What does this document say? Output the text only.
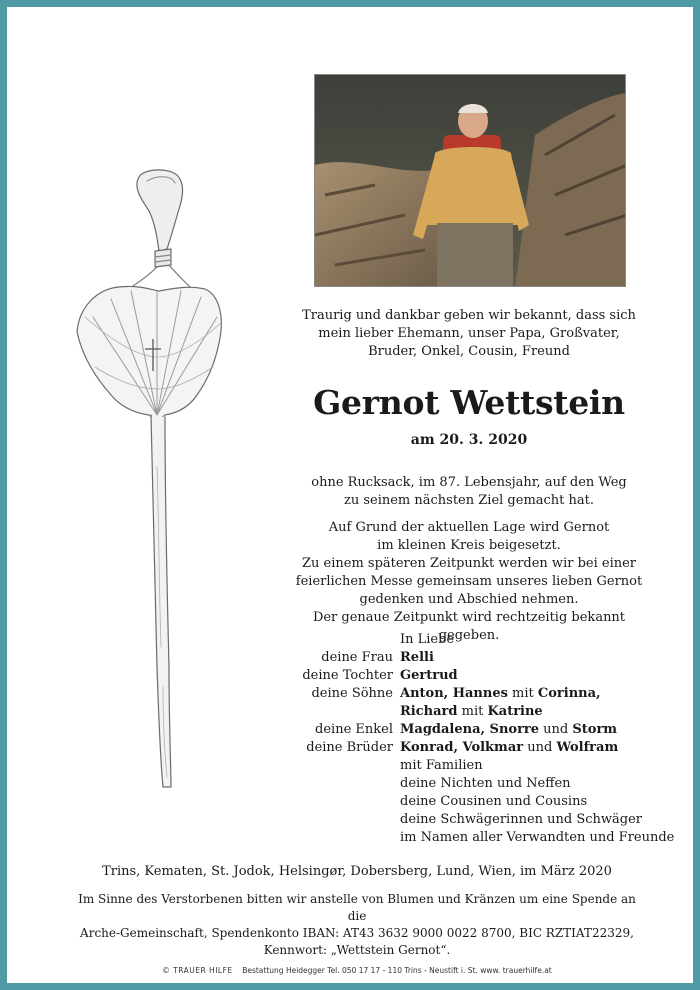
Traurig und dankbar geben wir bekannt, dass sich
mein lieber Ehemann, unser Papa, Großvater,
Bruder, Onkel, Cousin, Freund
Gernot Wettstein
am 20. 3. 2020
ohne Rucksack, im 87. Lebensjahr, auf den Weg
zu seinem nächsten Ziel gemacht hat.
Auf Grund der aktuellen Lage wird Gernot
im kleinen Kreis beigesetzt.
Zu einem späteren Zeitpunkt werden wir bei einer
feierlichen Messe gemeinsam unseres lieben Gernot
gedenken und Abschied nehmen.
Der genaue Zeitpunkt wird rechtzeitig bekannt gegeben.
In Liebe
deine Frau Relli
deine Tochter Gertrud
deine Söhne Anton, Hannes mit Corinna,
Richard mit Katrine
deine Enkel Magdalena, Snorre und Storm
deine Brüder Konrad, Volkmar und Wolfram
mit Familien
deine Nichten und Neffen
deine Cousinen und Cousins
deine Schwägerinnen und Schwäger
im Namen aller Verwandten und Freunde
Trins, Kematen, St. Jodok, Helsingør, Dobersberg, Lund, Wien, im März 2020
Im Sinne des Verstorbenen bitten wir anstelle von Blumen und Kränzen um eine Spende an die
Arche-Gemeinschaft, Spendenkonto IBAN: AT43 3632 9000 0022 8700, BIC RZTIAT22329,
Kennwort: „Wettstein Gernot“.
© TRAUER HILFE Bestattung Heidegger Tel. 050 17 17 - 110 Trins - Neustift i. St. www. trauerhilfe.at
